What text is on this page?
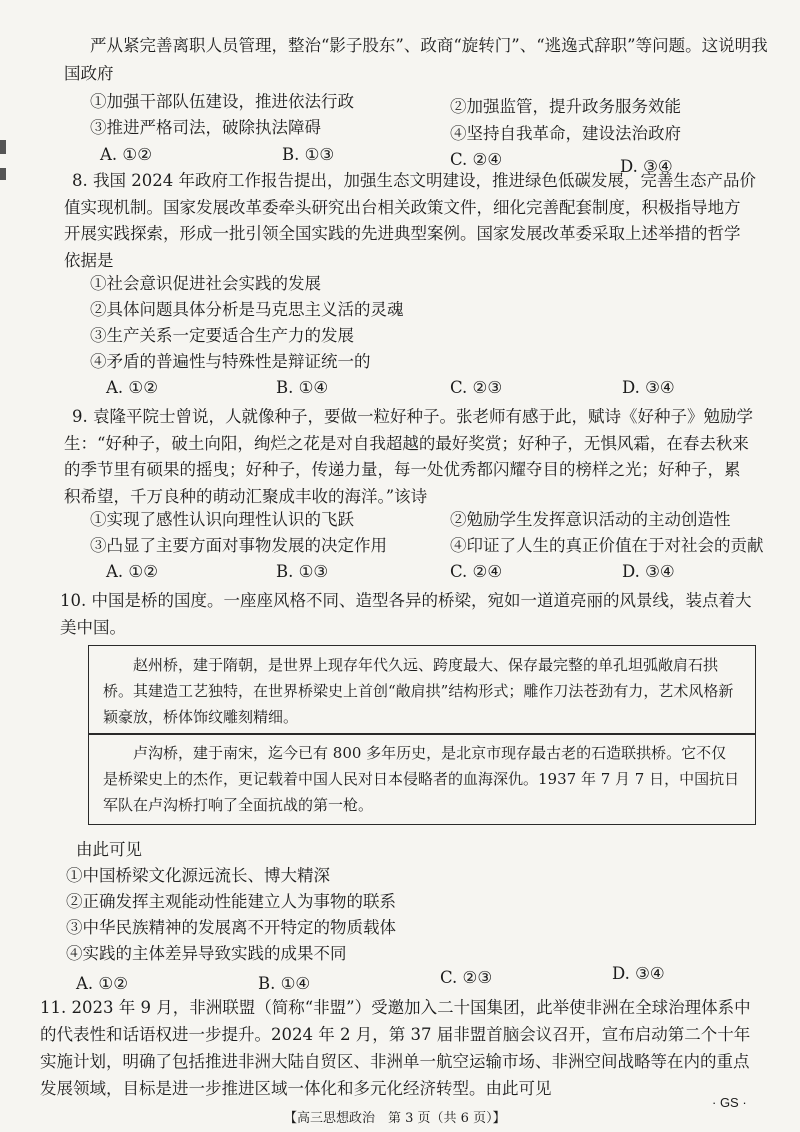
严从紧完善离职人员管理，整治“影子股东”、政商“旋转门”、“逃逸式辞职”等问题。这说明我
国政府
①加强干部队伍建设，推进依法行政	②加强监管，提升政务服务效能
③推进严格司法，破除执法障碍	④坚持自我革命，建设法治政府
A. ①②	B. ①③	C. ②④	D. ③④
8. 我国 2024 年政府工作报告提出，加强生态文明建设，推进绿色低碳发展，完善生态产品价值实现机制。国家发展改革委牵头研究出台相关政策文件，细化完善配套制度，积极指导地方开展实践探索，形成一批引领全国实践的先进典型案例。国家发展改革委采取上述举措的哲学依据是
①社会意识促进社会实践的发展
②具体问题具体分析是马克思主义活的灵魂
③生产关系一定要适合生产力的发展
④矛盾的普遍性与特殊性是辩证统一的
A. ①②	B. ①④	C. ②③	D. ③④
9. 袁隆平院士曾说，人就像种子，要做一粒好种子。张老师有感于此，赋诗《好种子》勉励学生：“好种子，破土向阳，绚烂之花是对自我超越的最好奖赏；好种子，无惧风霜，在春去秋来的季节里有硕果的摇曳；好种子，传递力量，每一处优秀都闪耀夺目的榜样之光；好种子，累积希望，千万良种的萌动汇聚成丰收的海洋。”该诗
①实现了感性认识向理性认识的飞跃	②勉励学生发挥意识活动的主动创造性
③凸显了主要方面对事物发展的决定作用	④印证了人生的真正价值在于对社会的贡献
A. ①②	B. ①③	C. ②④	D. ③④
10. 中国是桥的国度。一座座风格不同、造型各异的桥梁，宛如一道道亮丽的风景线，装点着大美中国。

赵州桥，建于隋朝，是世界上现存年代久远、跨度最大、保存最完整的单孔坦弧敞肩石拱桥。其建造工艺独特，在世界桥梁史上首创“敞肩拱”结构形式；雕作刀法苍劲有力，艺术风格新颖豪放，桥体饰纹雕刻精细。

卢沟桥，建于南宋，迄今已有 800 多年历史，是北京市现存最古老的石造联拱桥。它不仅是桥梁史上的杰作，更记载着中国人民对日本侵略者的血海深仇。1937 年 7 月 7 日，中国抗日军队在卢沟桥打响了全面抗战的第一枪。

由此可见
①中国桥梁文化源远流长、博大精深
②正确发挥主观能动性能建立人为事物的联系
③中华民族精神的发展离不开特定的物质载体
④实践的主体差异导致实践的成果不同
A. ①②	B. ①④	C. ②③	D. ③④
11. 2023 年 9 月，非洲联盟（简称“非盟”）受邀加入二十国集团，此举使非洲在全球治理体系中的代表性和话语权进一步提升。2024 年 2 月，第 37 届非盟首脑会议召开，宣布启动第二个十年实施计划，明确了包括推进非洲大陆自贸区、非洲单一航空运输市场、非洲空间战略等在内的重点发展领域，目标是进一步推进区域一体化和多元化经济转型。由此可见
【高三思想政治　第 3 页（共 6 页）】
· GS ·
